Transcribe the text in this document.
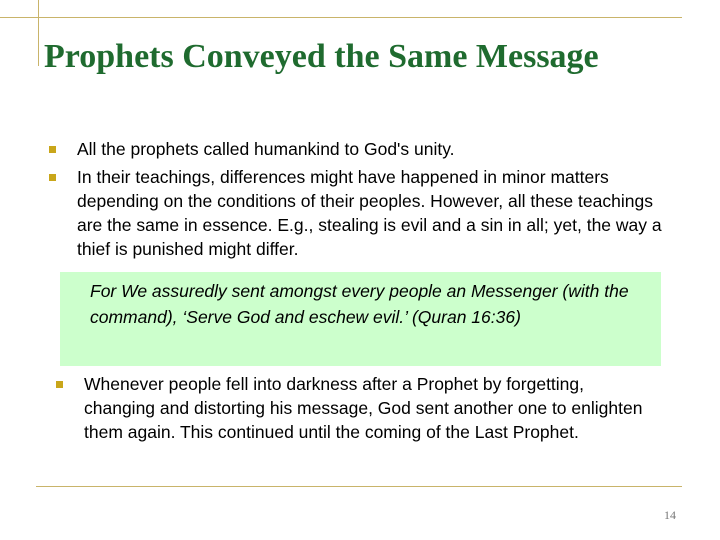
Prophets Conveyed the Same Message
All the prophets called humankind to God's unity.
In their teachings, differences might have happened in minor matters depending on the conditions of their peoples. However, all these teachings are the same in essence. E.g., stealing is evil and a sin in all; yet, the way a thief is punished might differ.

For We assuredly sent amongst every people an Messenger (with the command), ‘Serve God and eschew evil.’ (Quran 16:36)

Whenever people fell into darkness after a Prophet by forgetting, changing and distorting his message, God sent another one to enlighten them again. This continued until the coming of the Last Prophet.
14
